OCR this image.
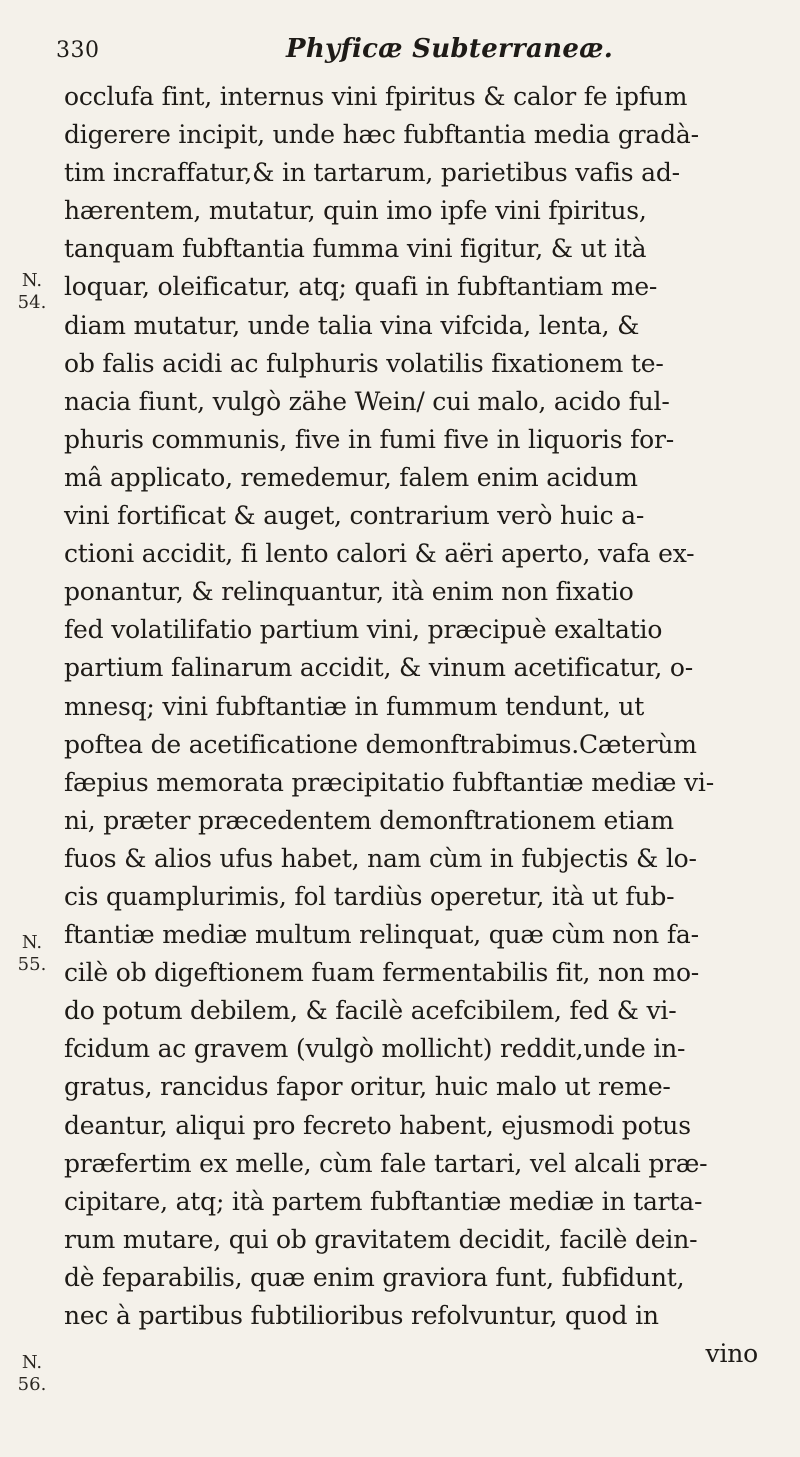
330	Phyficæ Subterraneæ.
N.
54.
N.
55.
N.
56.
occlufa fint, internus vini fpiritus & calor fe ipfum
digerere incipit, unde hæc fubftantia media gradà-
tim incraffatur,& in tartarum, parietibus vafis ad-
hærentem, mutatur, quin imo ipfe vini fpiritus,
tanquam fubftantia fumma vini figitur, & ut ità
loquar, oleificatur, atq; quafi in fubftantiam me-
diam mutatur, unde talia vina vifcida, lenta, &
ob falis acidi ac fulphuris volatilis fixationem te-
nacia fiunt, vulgò zähe Wein/ cui malo, acido ful-
phuris communis, five in fumi five in liquoris for-
mâ applicato, remedemur, falem enim acidum
vini fortificat & auget, contrarium verò huic a-
ctioni accidit, fi lento calori & aëri aperto, vafa ex-
ponantur, & relinquantur, ità enim non fixatio
fed volatilifatio partium vini, præcipuè exaltatio
partium falinarum accidit, & vinum acetificatur, o-
mnesq; vini fubftantiæ in fummum tendunt, ut
poftea de acetificatione demonftrabimus.Cæterùm
fæpius memorata præcipitatio fubftantiæ mediæ vi-
ni, præter præcedentem demonftrationem etiam
fuos & alios ufus habet, nam cùm in fubjectis & lo-
cis quamplurimis, fol tardiùs operetur, ità ut fub-
ftantiæ mediæ multum relinquat, quæ cùm non fa-
cilè ob digeftionem fuam fermentabilis fit, non mo-
do potum debilem, & facilè acefcibilem, fed & vi-
fcidum ac gravem (vulgò mollicht) reddit,unde in-
gratus, rancidus fapor oritur, huic malo ut reme-
deantur, aliqui pro fecreto habent, ejusmodi potus
præfertim ex melle, cùm fale tartari, vel alcali præ-
cipitare, atq; ità partem fubftantiæ mediæ in tarta-
rum mutare, qui ob gravitatem decidit, facilè dein-
dè feparabilis, quæ enim graviora funt, fubfidunt,
nec à partibus fubtilioribus refolvuntur, quod in
vino
